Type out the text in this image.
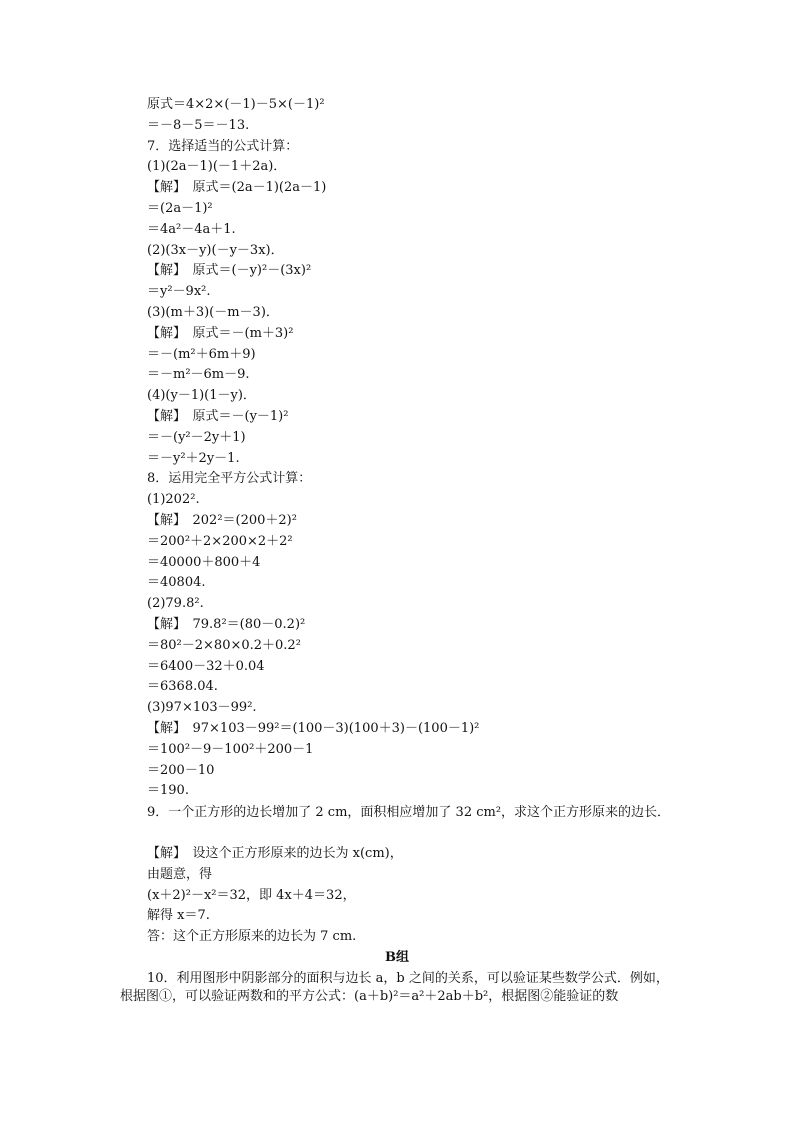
原式＝4×2×(－1)－5×(－1)²
＝－8－5＝－13.
7．选择适当的公式计算：
(1)(2a－1)(－1＋2a)．
【解】　原式＝(2a－1)(2a－1)
＝(2a－1)²
＝4a²－4a＋1.
(2)(3x－y)(－y－3x)．
【解】　原式＝(－y)²－(3x)²
＝y²－9x².
(3)(m＋3)(－m－3)．
【解】　原式＝－(m＋3)²
＝－(m²＋6m＋9)
＝－m²－6m－9.
(4)(y－1)(1－y)．
【解】　原式＝－(y－1)²
＝－(y²－2y＋1)
＝－y²＋2y－1.
8．运用完全平方公式计算：
(1)202².
【解】　202²＝(200＋2)²
＝200²＋2×200×2＋2²
＝40000＋800＋4
＝40804.
(2)79.8².
【解】　79.8²＝(80－0.2)²
＝80²－2×80×0.2＋0.2²
＝6400－32＋0.04
＝6368.04.
(3)97×103－99².
【解】　97×103－99²＝(100－3)(100＋3)－(100－1)²
＝100²－9－100²＋200－1
＝200－10
＝190.
9．一个正方形的边长增加了 2 cm，面积相应增加了 32 cm²，求这个正方形原来的边长．
【解】　设这个正方形原来的边长为 x(cm)，
由题意，得
(x＋2)²－x²＝32，即 4x＋4＝32，
解得 x＝7.
答：这个正方形原来的边长为 7 cm.
B组
10．利用图形中阴影部分的面积与边长 a，b 之间的关系，可以验证某些数学公式．例如，根据图①，可以验证两数和的平方公式：(a＋b)²＝a²＋2ab＋b²，根据图②能验证的数
